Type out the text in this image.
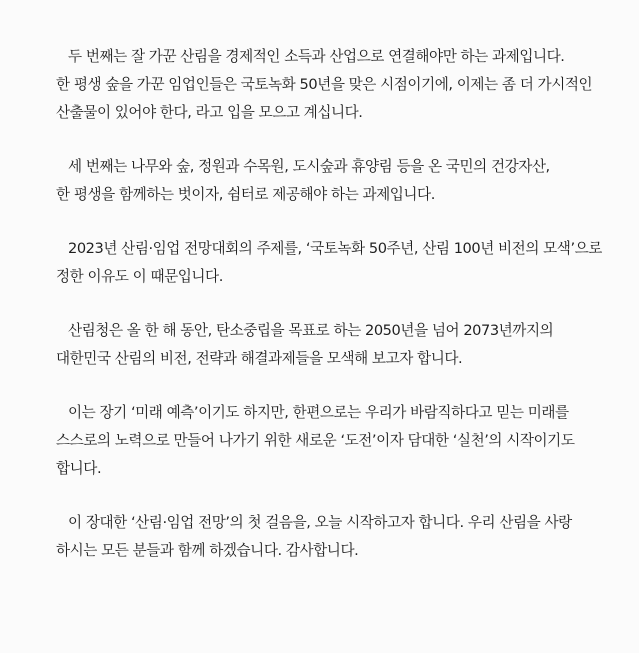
두 번째는 잘 가꾼 산림을 경제적인 소득과 산업으로 연결해야만 하는 과제입니다.
한 평생 숲을 가꾼 임업인들은 국토녹화 50년을 맞은 시점이기에, 이제는 좀 더 가시적인
산출물이 있어야 한다, 라고 입을 모으고 계십니다.
세 번째는 나무와 숲, 정원과 수목원, 도시숲과 휴양림 등을 온 국민의 건강자산,
한 평생을 함께하는 벗이자, 쉼터로 제공해야 하는 과제입니다.
2023년 산림·임업 전망대회의 주제를, ‘국토녹화 50주년, 산림 100년 비전의 모색’으로
정한 이유도 이 때문입니다.
산림청은 올 한 해 동안, 탄소중립을 목표로 하는 2050년을 넘어 2073년까지의
대한민국 산림의 비전, 전략과 해결과제들을 모색해 보고자 합니다.
이는 장기 ‘미래 예측’이기도 하지만, 한편으로는 우리가 바람직하다고 믿는 미래를
스스로의 노력으로 만들어 나가기 위한 새로운 ‘도전’이자 담대한 ‘실천’의 시작이기도
합니다.
이 장대한 ‘산림·임업 전망’의 첫 걸음을, 오늘 시작하고자 합니다. 우리 산림을 사랑
하시는 모든 분들과 함께 하겠습니다. 감사합니다.
